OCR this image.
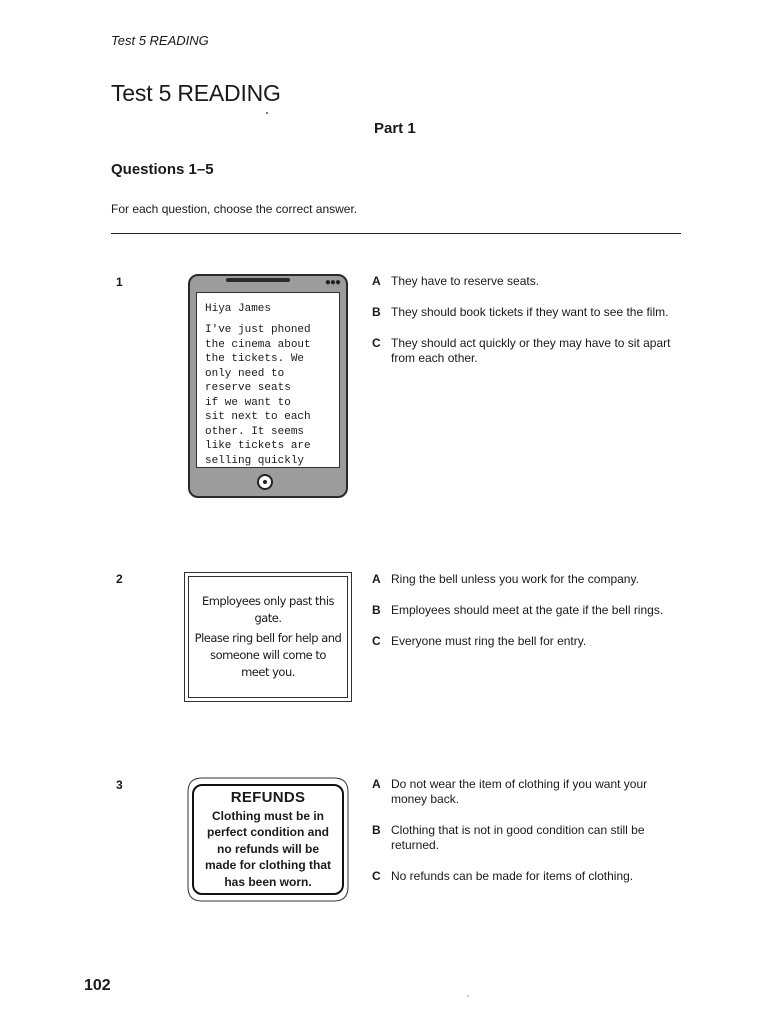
Test 5 READING
Test 5 READING
Part 1
Questions 1–5

For each question, choose the correct answer.

1	●●●
Hiya James
I've just phoned
the cinema about
the tickets. We
only need to
reserve seats
if we want to
sit next to each
other. It seems
like tickets are
selling quickly
A They have to reserve seats.
B They should book tickets if they want to see the film.
C They should act quickly or they may have to sit apart from each other.
2
Employees only past this gate.
Please ring bell for help and
someone will come to
meet you.
A Ring the bell unless you work for the company.
B Employees should meet at the gate if the bell rings.
C Everyone must ring the bell for entry.
3
REFUNDS
Clothing must be in
perfect condition and
no refunds will be
made for clothing that
has been worn.
A Do not wear the item of clothing if you want your money back.
B Clothing that is not in good condition can still be returned.
C No refunds can be made for items of clothing.
102
